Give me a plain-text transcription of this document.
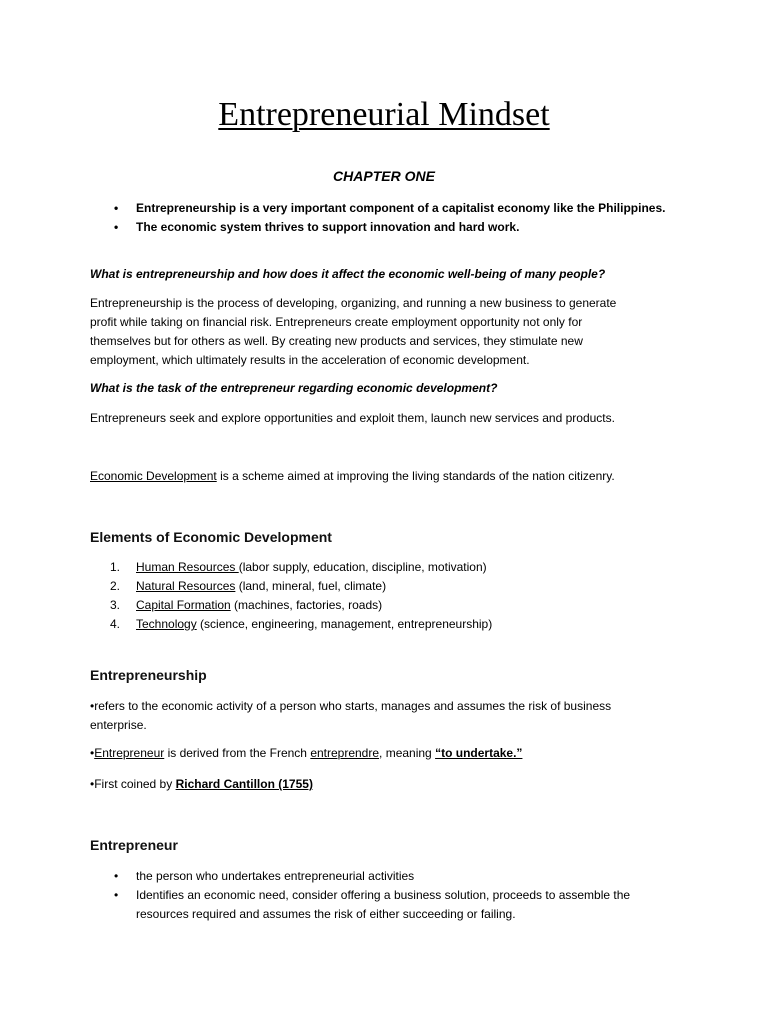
Entrepreneurial Mindset
CHAPTER ONE
• Entrepreneurship is a very important component of a capitalist economy like the Philippines.
• The economic system thrives to support innovation and hard work.

What is entrepreneurship and how does it affect the economic well-being of many people?

Entrepreneurship is the process of developing, organizing, and running a new business to generate
profit while taking on financial risk. Entrepreneurs create employment opportunity not only for
themselves but for others as well. By creating new products and services, they stimulate new
employment, which ultimately results in the acceleration of economic development.

What is the task of the entrepreneur regarding economic development?

Entrepreneurs seek and explore opportunities and exploit them, launch new services and products.

Economic Development is a scheme aimed at improving the living standards of the nation citizenry.

Elements of Economic Development
1. Human Resources (labor supply, education, discipline, motivation)
2. Natural Resources (land, mineral, fuel, climate)
3. Capital Formation (machines, factories, roads)
4. Technology (science, engineering, management, entrepreneurship)
Entrepreneurship
•refers to the economic activity of a person who starts, manages and assumes the risk of business
enterprise.

•Entrepreneur is derived from the French entreprendre, meaning “to undertake.”

•First coined by Richard Cantillon (1755)

Entrepreneur
• the person who undertakes entrepreneurial activities
• Identifies an economic need, consider offering a business solution, proceeds to assemble the
resources required and assumes the risk of either succeeding or failing.
